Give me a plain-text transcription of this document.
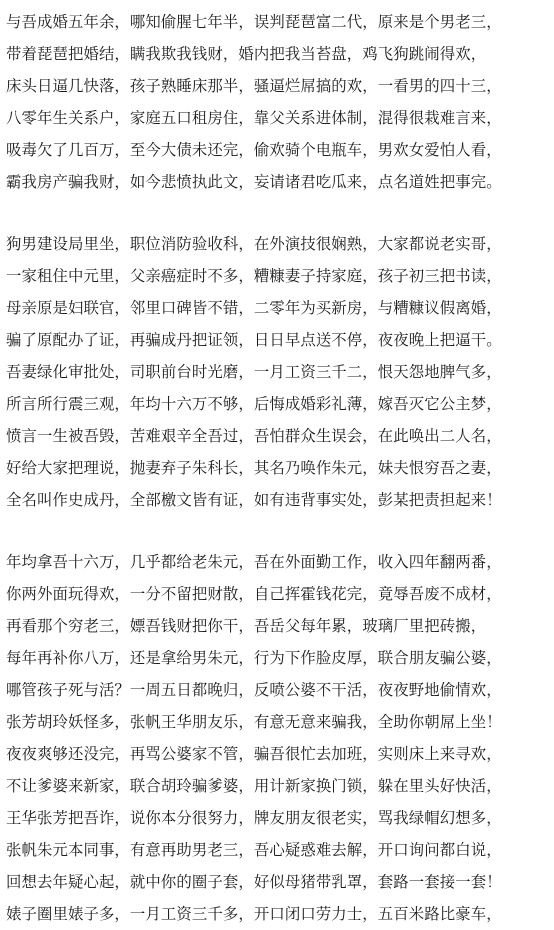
与吾成婚五年余，哪知偷腥七年半，误判琵琶富二代，原来是个男老三，
带着琵琶把婚结，瞒我欺我钱财，婚内把我当苔盘，鸡飞狗跳闹得欢，
床头日逼几快落，孩子熟睡床那半，骚逼烂屌搞的欢，一看男的四十三，
八零年生关系户，家庭五口租房住，靠父关系进体制，混得很栽难言来，
吸毒欠了几百万，至今大债未还完，偷欢骑个电瓶车，男欢女爱怕人看，
霸我房产骗我财，如今悲愤执此文，妄请诸君吃瓜来，点名道姓把事完。
狗男建设局里坐，职位消防验收科，在外演技很娴熟，大家都说老实哥，
一家租住中元里，父亲癌症时不多，糟糠妻子持家庭，孩子初三把书读，
母亲原是妇联官，邻里口碑皆不错，二零年为买新房，与糟糠议假离婚，
骗了原配办了证，再骗成丹把证领，日日早点送不停，夜夜晚上把逼干。
吾妻绿化审批处，司职前台时光磨，一月工资三千二，恨天怨地脾气多，
所言所行震三观，年均十六万不够，后悔成婚彩礼薄，嫁吾灭它公主梦，
愤言一生被吾毁，苦难艰辛全吾过，吾怕群众生误会，在此唤出二人名，
好给大家把理说，抛妻弃子朱科长，其名乃唤作朱元，妹夫恨穷吾之妻，
全名叫作史成丹，全部檄文皆有证，如有违背事实处，彭某把责担起来！
年均拿吾十六万，几乎都给老朱元，吾在外面勤工作，收入四年翻两番，
你两外面玩得欢，一分不留把财散，自己挥霍钱花完，竟辱吾废不成材，
再看那个穷老三，嫖吾钱财把你干，吾岳父每年累，玻璃厂里把砖搬，
每年再补你八万，还是拿给男朱元，行为下作脸皮厚，联合朋友骗公婆，
哪管孩子死与活？一周五日都晚归，反喷公婆不干活，夜夜野地偷情欢，
张芳胡玲妖怪多，张帆王华朋友乐，有意无意来骗我，全助你朝屌上坐！
夜夜爽够还没完，再骂公婆家不管，骗吾很忙去加班，实则床上来寻欢，
不让爹婆来新家，联合胡玲骗爹婆，用计新家换门锁，躲在里头好快活，
王华张芳把吾诈，说你本分很努力，牌友朋友很老实，骂我绿帽幻想多，
张帆朱元本同事，有意再助男老三，吾心疑惑难去解，开口询问都白说，
回想去年疑心起，就中你的圈子套，好似母猪带乳罩，套路一套接一套！
婊子圈里婊子多，一月工资三千多，开口闭口劳力士，五百米路比豪车，
